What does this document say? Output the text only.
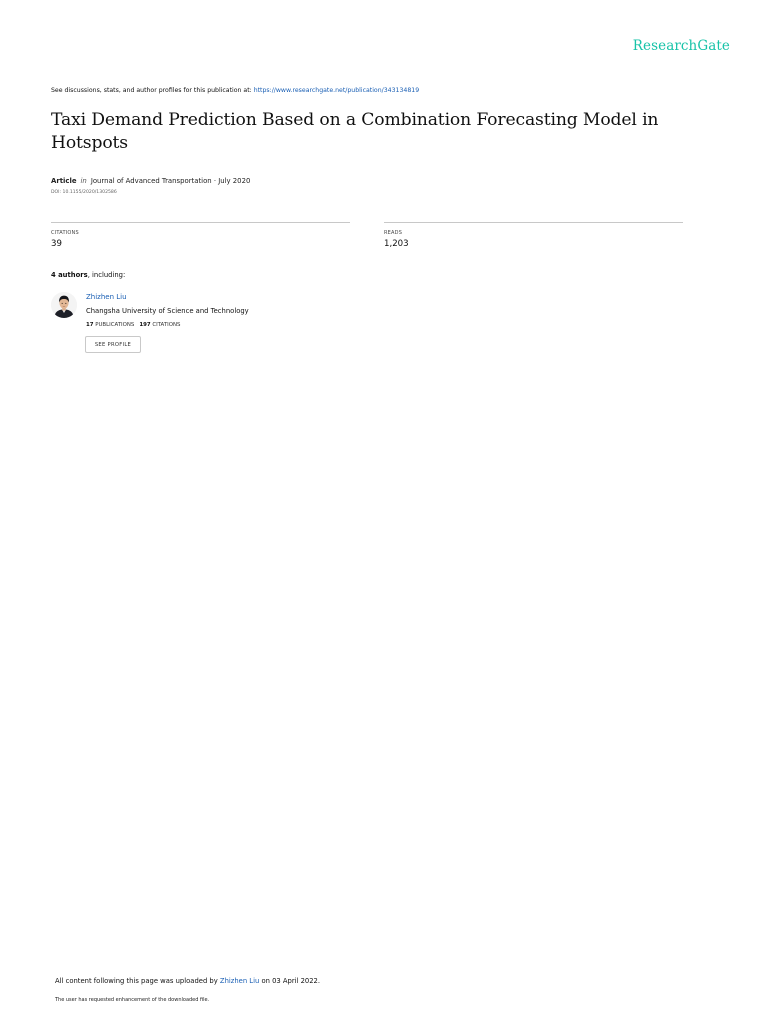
ResearchGate
See discussions, stats, and author profiles for this publication at: https://www.researchgate.net/publication/343134819
Taxi Demand Prediction Based on a Combination Forecasting Model in Hotspots
Article in Journal of Advanced Transportation · July 2020
DOI: 10.1155/2020/1302586
CITATIONS
39
READS
1,203
4 authors, including:
Zhizhen Liu
Changsha University of Science and Technology
17 PUBLICATIONS 197 CITATIONS
SEE PROFILE
All content following this page was uploaded by Zhizhen Liu on 03 April 2022.
The user has requested enhancement of the downloaded file.
